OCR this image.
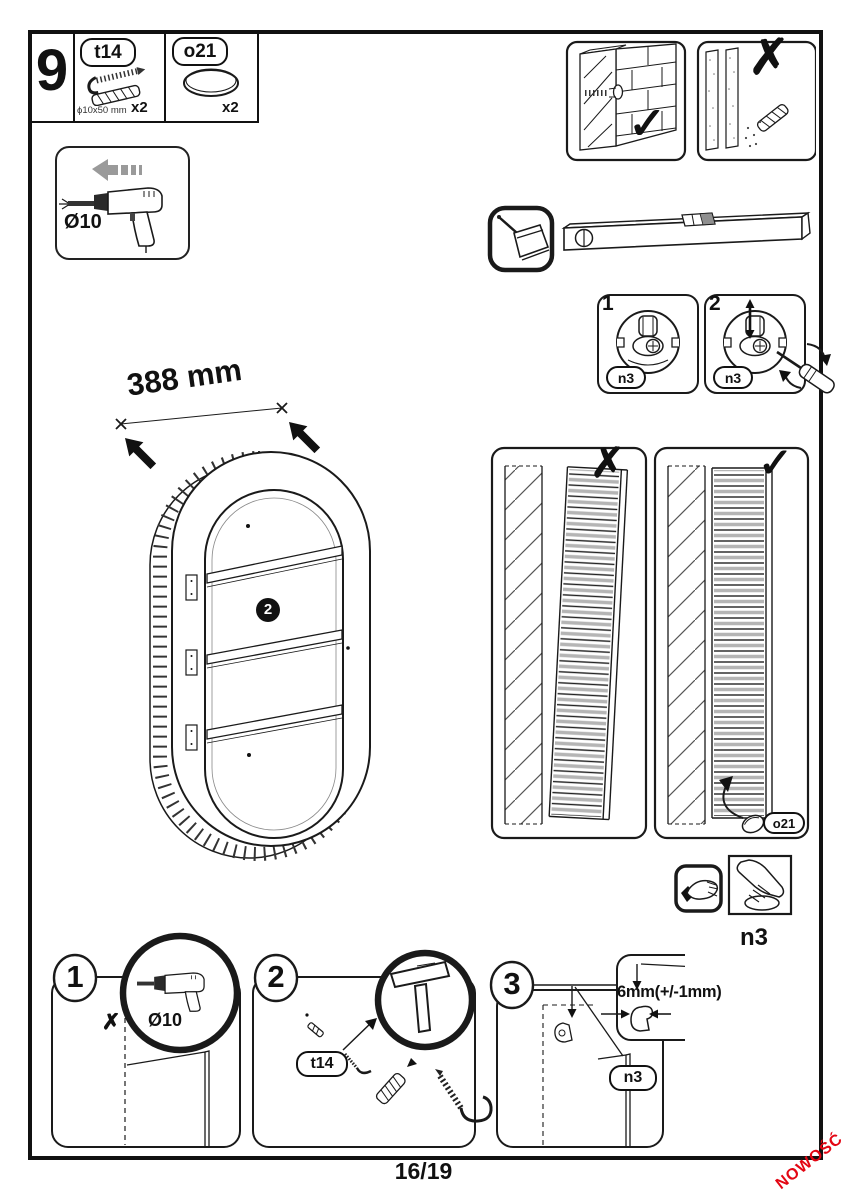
9	t14	o21
ϕ10x50 mm x2	x2
Ø10
✓
✗
1	2
n3	n3
388 mm
2
✗	✓
o21
1	2	3
✗ Ø10
t14
n3
n3
6mm(+/-1mm)
16/19	NOWOŚĆ
